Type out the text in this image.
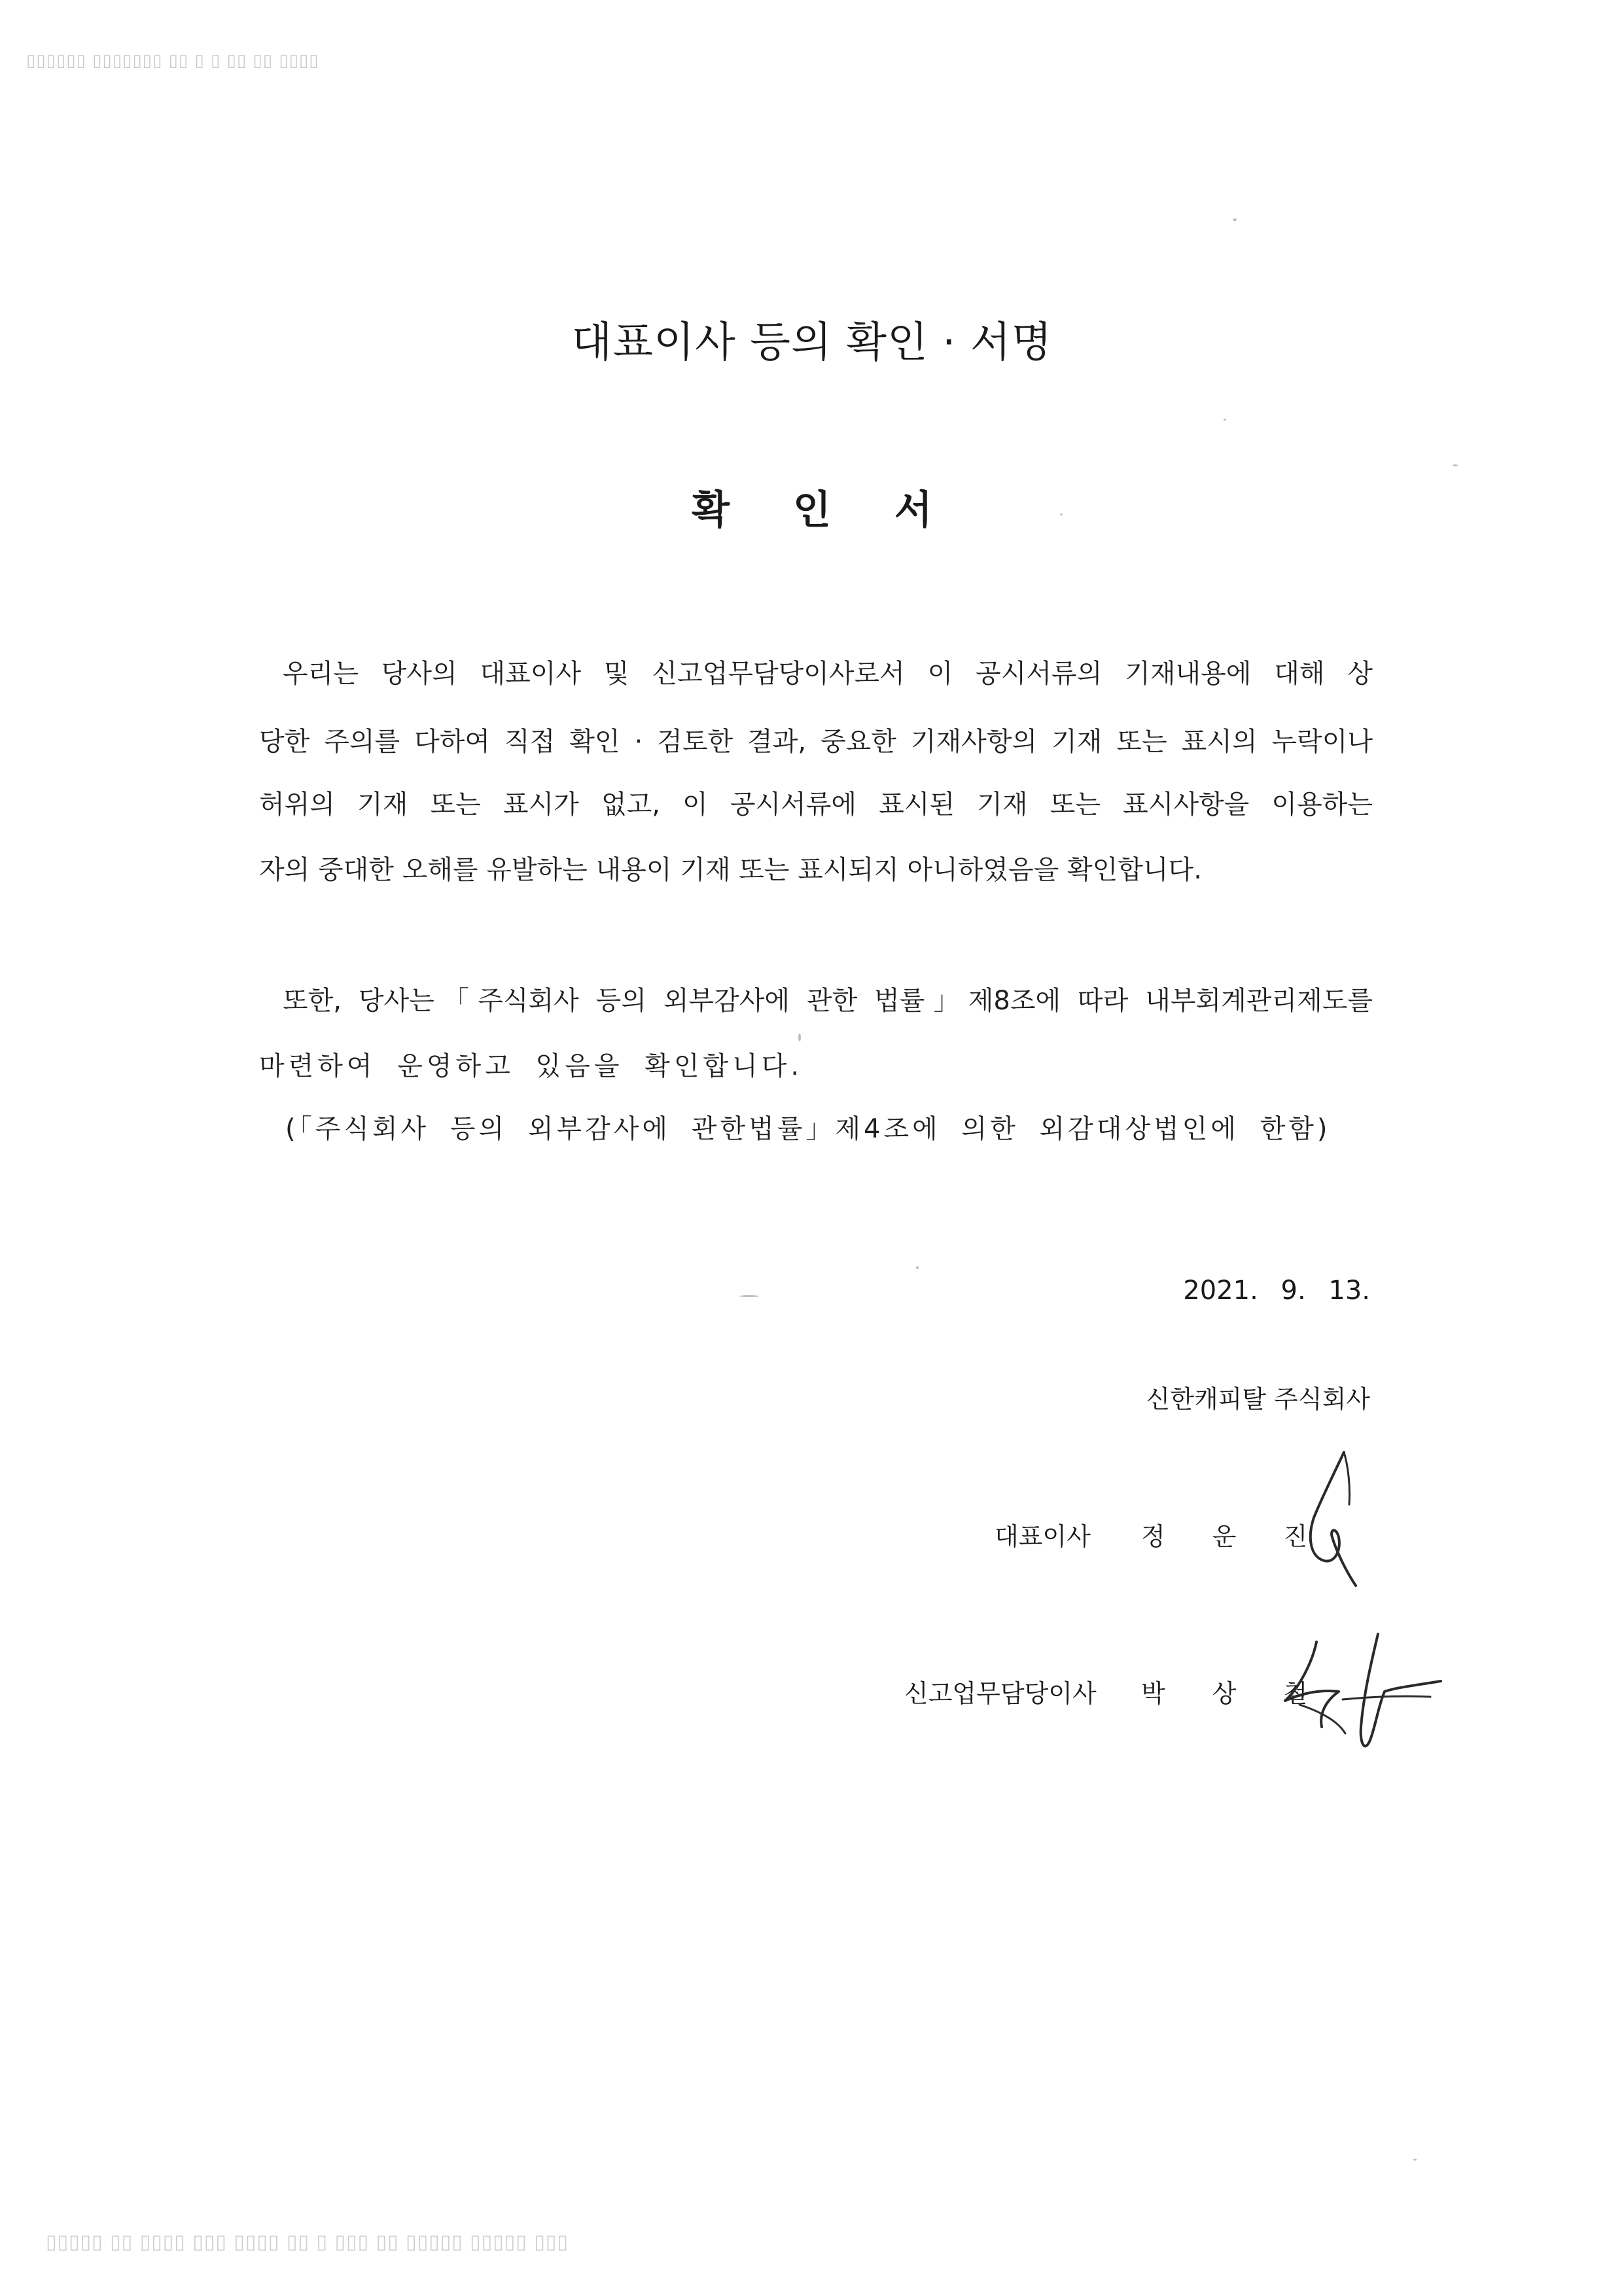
▯▯▯▯▯▯ ▯▯▯▯▯▯▯ ▯▯ ▯ ▯ ▯▯ ▯▯ ▯▯▯▯
▯▯▯▯▯ ▯▯ ▯▯▯▯ ▯▯▯ ▯▯▯▯ ▯▯ ▯ ▯▯▯ ▯▯ ▯▯▯▯▯ ▯▯▯▯▯ ▯▯▯
대표이사 등의 확인 · 서명
확 인 서
우리는 당사의 대표이사 및 신고업무담당이사로서 이 공시서류의 기재내용에 대해 상
당한 주의를 다하여 직접 확인 · 검토한 결과, 중요한 기재사항의 기재 또는 표시의 누락이나
허위의 기재 또는 표시가 없고, 이 공시서류에 표시된 기재 또는 표시사항을 이용하는
자의 중대한 오해를 유발하는 내용이 기재 또는 표시되지 아니하였음을 확인합니다.
또한, 당사는「주식회사 등의 외부감사에 관한 법률」제8조에 따라 내부회계관리제도를
마련하여 운영하고 있음을 확인합니다.
(「주식회사 등의 외부감사에 관한법률」제4조에 의한 외감대상법인에 한함)
2021. 9. 13.
신한캐피탈 주식회사
대표이사 정 운 진
신고업무담당이사 박 상 철
